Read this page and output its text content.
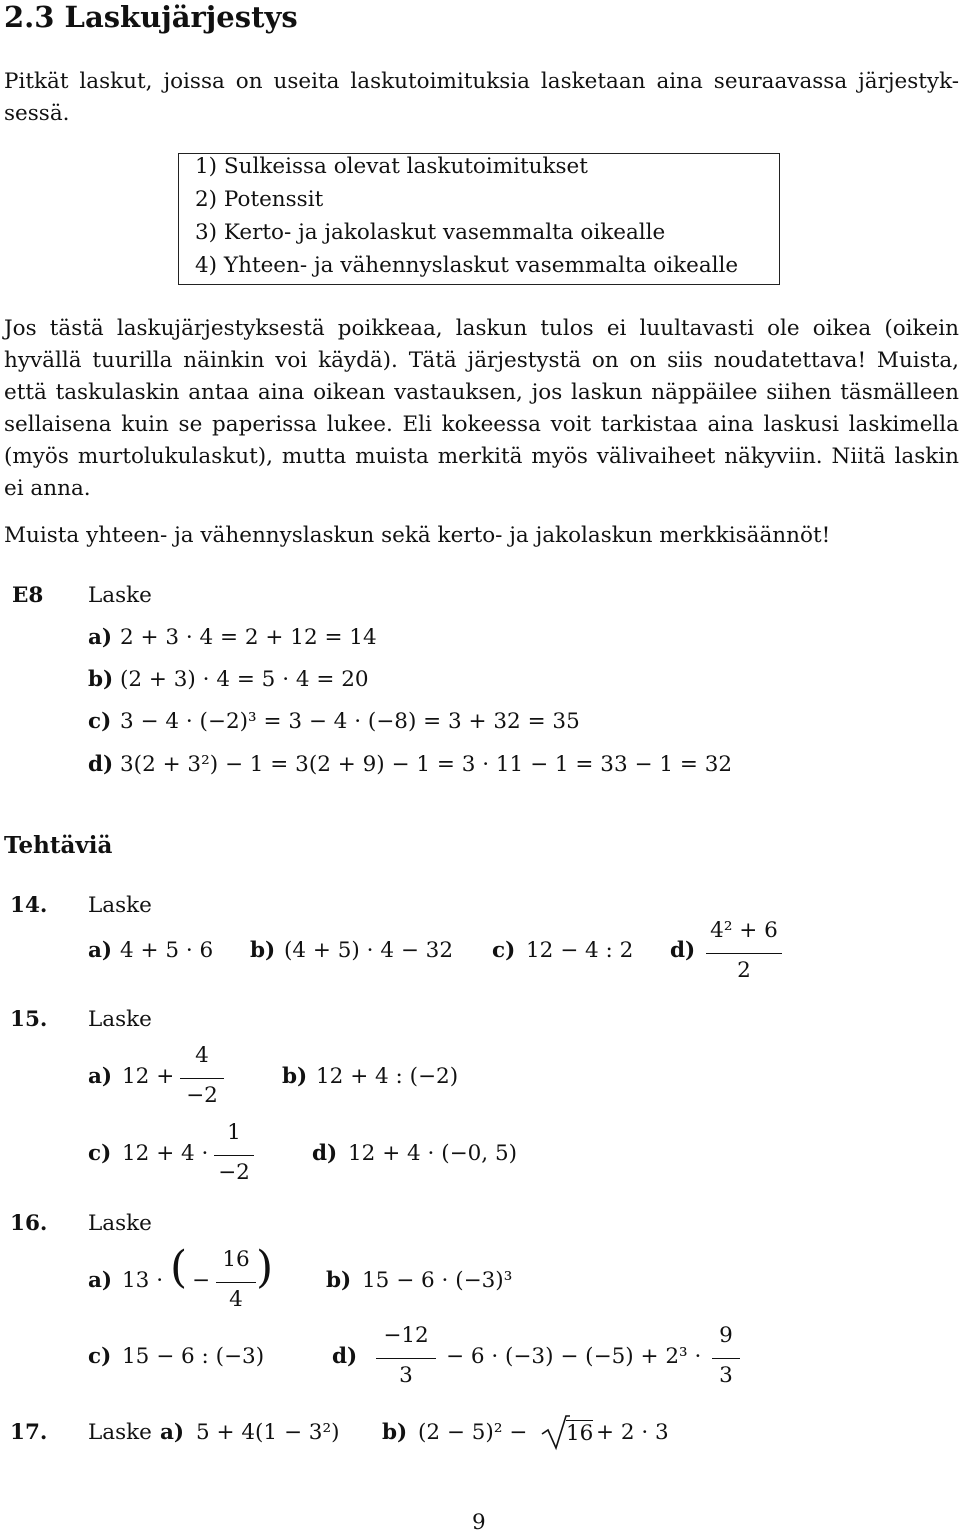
2.3 Laskujärjestys
Pitkät laskut, joissa on useita laskutoimituksia lasketaan aina seuraavassa järjestyk- sessä.
1) Sulkeissa olevat laskutoimitukset
2) Potenssit
3) Kerto- ja jakolaskut vasemmalta oikealle
4) Yhteen- ja vähennyslaskut vasemmalta oikealle
Jos tästä laskujärjestyksestä poikkeaa, laskun tulos ei luultavasti ole oikea (oikein hyvällä tuurilla näinkin voi käydä). Tätä järjestystä on on siis noudatettava! Muista, että taskulaskin antaa aina oikean vastauksen, jos laskun näppäilee siihen täsmälleen sellaisena kuin se paperissa lukee. Eli kokeessa voit tarkistaa aina laskusi laskimella (myös murtolukulaskut), mutta muista merkitä myös välivaiheet näkyviin. Niitä laskin ei anna.
Muista yhteen- ja vähennyslaskun sekä kerto- ja jakolaskun merkkisäännöt!
E8 Laske
a) 2 + 3 · 4 = 2 + 12 = 14
b) (2 + 3) · 4 = 5 · 4 = 20
c) 3 − 4 · (−2)³ = 3 − 4 · (−8) = 3 + 32 = 35
d) 3(2 + 3²) − 1 = 3(2 + 9) − 1 = 3 · 11 − 1 = 33 − 1 = 32
Tehtäviä
14. Laske
a) 4 + 5 · 6 b) (4 + 5) · 4 − 32 c) 12 − 4 : 2 d)
4² + 6
2
15. Laske
a) 12 +
4
−2
b) 12 + 4 : (−2)
c) 12 + 4 ·
1
−2
d) 12 + 4 · (−0, 5)
16. Laske
a) 13 · ( −
16
4
) b) 15 − 6 · (−3)³
c) 15 − 6 : (−3)	d)
−12
3
− 6 · (−3) − (−5) + 2³ ·
9
3
17. Laske a) 5 + 4(1 − 3²) b) (2 − 5)² − 16 + 2 · 3
9
